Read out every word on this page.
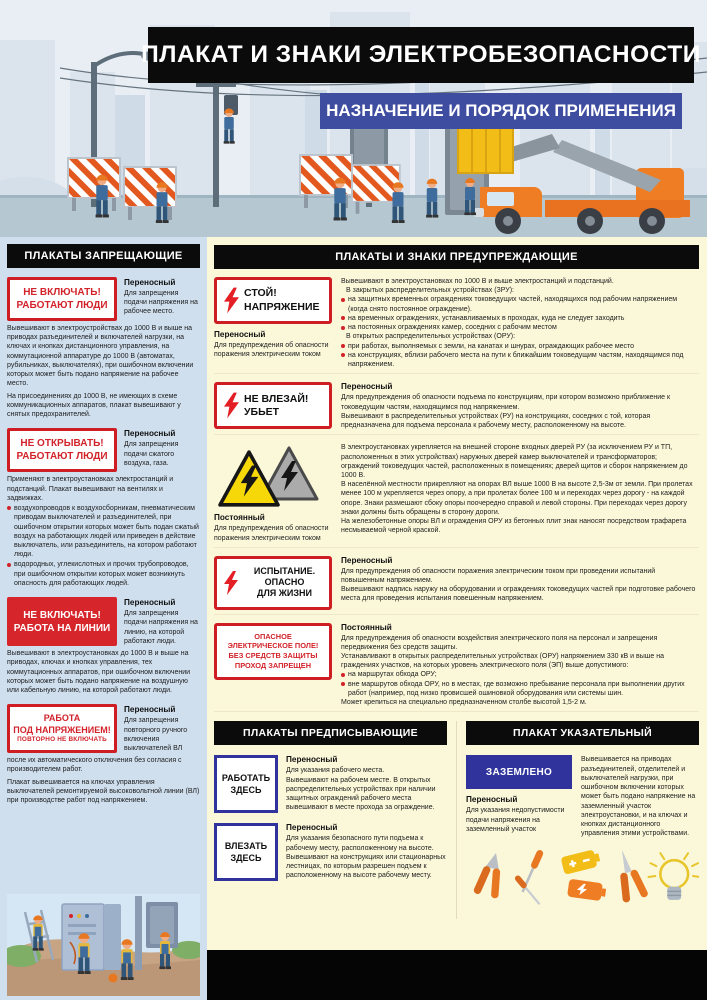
ПЛАКАТ И ЗНАКИ ЭЛЕКТРОБЕЗОПАСНОСТИ
НАЗНАЧЕНИЕ И ПОРЯДОК ПРИМЕНЕНИЯ
ПЛАКАТЫ ЗАПРЕЩАЮЩИЕ
НЕ ВКЛЮЧАТЬ!
РАБОТАЮТ ЛЮДИ
Переносный
Для запрещения подачи напряжения на рабочее место.
Вывешивают в электроустройствах до 1000 В и выше на приводах разъединителей и включателей нагрузки, на ключах и кнопках дистанционного управления, на коммутационной аппаратуре до 1000 В (автоматах, рубильниках, выключателях), при ошибочном включении которых может быть подано напряжение на рабочее место.
На присоединениях до 1000 В, не имеющих в схеме коммуникационных аппаратов, плакат вывешивают у снятых предохранителей.
НЕ ОТКРЫВАТЬ!
РАБОТАЮТ ЛЮДИ
Переносный
Для запрещения подачи сжатого воздуха, газа.
Применяют в электроустановках электростанций и подстанций. Плакат вывешивают на вентилях и задвижках.
воздухопроводов к воздухосборникам, пневматическим приводам выключателей и разъединителей, при ошибочном открытии которых может быть подан сжатый воздух на работающих людей или приведен в действие выключатель, или разъединитель, на котором работают люди.
водородных, углекислотных и прочих трубопроводов, при ошибочном открытии которых может возникнуть опасность для работающих людей.
НЕ ВКЛЮЧАТЬ!
РАБОТА НА ЛИНИИ
Переносный
Для запрещения подачи напряжения на линию, на которой работают люди.
Вывешивают в электроустановках до 1000 В и выше на приводах, ключах и кнопках управления, тех коммутационных аппаратов, при ошибочном включении которых может быть подано напряжение на воздушную или кабельную линию, на которой работают люди.
РАБОТА
ПОД НАПРЯЖЕНИЕМ!
ПОВТОРНО НЕ ВКЛЮЧАТЬ
Переносный
Для запрещения повторного ручного включения выключателей ВЛ
после их автоматического отключения без согласия с производителем работ.
Плакат вывешивается на ключах управления выключателей ремонтируемой высоковольтной линии (ВЛ) при производстве работ под напряжением.
ПЛАКАТЫ И ЗНАКИ ПРЕДУПРЕЖДАЮЩИЕ
СТОЙ!
НАПРЯЖЕНИЕ
Переносный
Для предупреждения об опасности поражения электрическим током
Вывешивают в электроустановках по 1000 В и выше электростанций и подстанций.
В закрытых распределительных устройствах (ЗРУ):
на защитных временных ограждениях токоведущих частей, находящихся под рабочим напряжением (когда снято постоянное ограждение).
на временных ограждениях, устанавливаемых в проходах, куда не следует заходить
на постоянных ограждениях камер, соседних с рабочим местом
В открытых распределительных устройствах (ОРУ):
при работах, выполняемых с земли, на канатах и шнурах, ограждающих рабочее место
на конструкциях, вблизи рабочего места на пути к ближайшим токоведущим частям, находящимся под напряжением.
НЕ ВЛЕЗАЙ!
УБЬЕТ
Переносный
Для предупреждения об опасности подъема по конструкциям, при котором возможно приближение к токоведущим частям, находящимся под напряжением.
Вывешивают в распределительных устройствах (РУ) на конструкциях, соседних с той, которая предназначена для подъема персонала к рабочему месту, расположенному на высоте.
Постоянный
Для предупреждения об опасности поражения электрическим током
В электроустановках укрепляется на внешней стороне входных дверей РУ (за исключением РУ и ТП, расположенных в этих устройствах) наружных дверей камер выключателей и трансформаторов; ограждений токоведущих частей, расположенных в помещениях; дверей щитов и сборок напряжением до 1000 В.
В населённой местности прикрепляют на опорах ВЛ выше 1000 В на высоте 2,5-3м от земли. При пролетах менее 100 м укрепляется через опору, а при пролетах более 100 м и переходах через дорогу - на каждой опоре. Знаки размешают сбоку опоры поочередно справой и левой стороны. При переходах через дорогу знаки должны быть обращены в сторону дороги.
На железобетонные опоры ВЛ и ограждения ОРУ из бетонных плит знак наносят посредством трафарета несмываемой черной краской.
ИСПЫТАНИЕ.
ОПАСНО
ДЛЯ ЖИЗНИ
Переносный
Для предупреждения об опасности поражения электрическим током при проведении испытаний повышенным напряжением.
Вывешивают надпись наружу на оборудовании и ограждениях токоведущих частей при подготовке рабочего места для проведения испытания повешенным напряжением.
ОПАСНОЕ
ЭЛЕКТРИЧЕСКОЕ ПОЛЕ!
БЕЗ СРЕДСТВ ЗАЩИТЫ
ПРОХОД ЗАПРЕЩЕН
Постоянный
Для предупреждения об опасности воздействия электрического поля на персонал и запрещения передвижения без средств защиты.
Устанавливают в открытых распределительных устройствах (ОРУ) напряжением 330 кВ и выше на граждениях участков, на которых уровень электрического поля (ЭП) выше допустимого:
на маршрутах обхода ОРУ;
вне маршрутов обхода ОРУ, но в местах, где возможно пребывание персонала при выполнении других работ (например, под низко провисшей ошиновкой оборудования или системы шин.
Может крепиться на специально предназначенном столбе высотой 1,5-2 м.
ПЛАКАТЫ ПРЕДПИСЫВАЮЩИЕ
РАБОТАТЬ
ЗДЕСЬ
Переносный
Для указания рабочего места.
Вывешивают на рабочем месте. В открытых распределительных устройствах при наличии защитных ограждений рабочего места вывешивают в месте прохода за ограждение.
ВЛЕЗАТЬ
ЗДЕСЬ
Переносный
Для указания безопасного пути подъема к рабочему месту, расположенному на высоте. Вывешивают на конструкциях или стационарных лестницах, по которым разрешен подъем к расположенному на высоте рабочему месту.
ПЛАКАТ УКАЗАТЕЛЬНЫЙ
ЗАЗЕМЛЕНО
Переносный
Для указания недопустимости подачи напряжения на заземленный участок
Вывешивается на приводах разъединителей, отделителей и выключателей нагрузки, при ошибочном включении которых может быть подано напряжение на заземленный участок электроустановки, и на ключах и кнопках дистанционного управления этими устройствами.
